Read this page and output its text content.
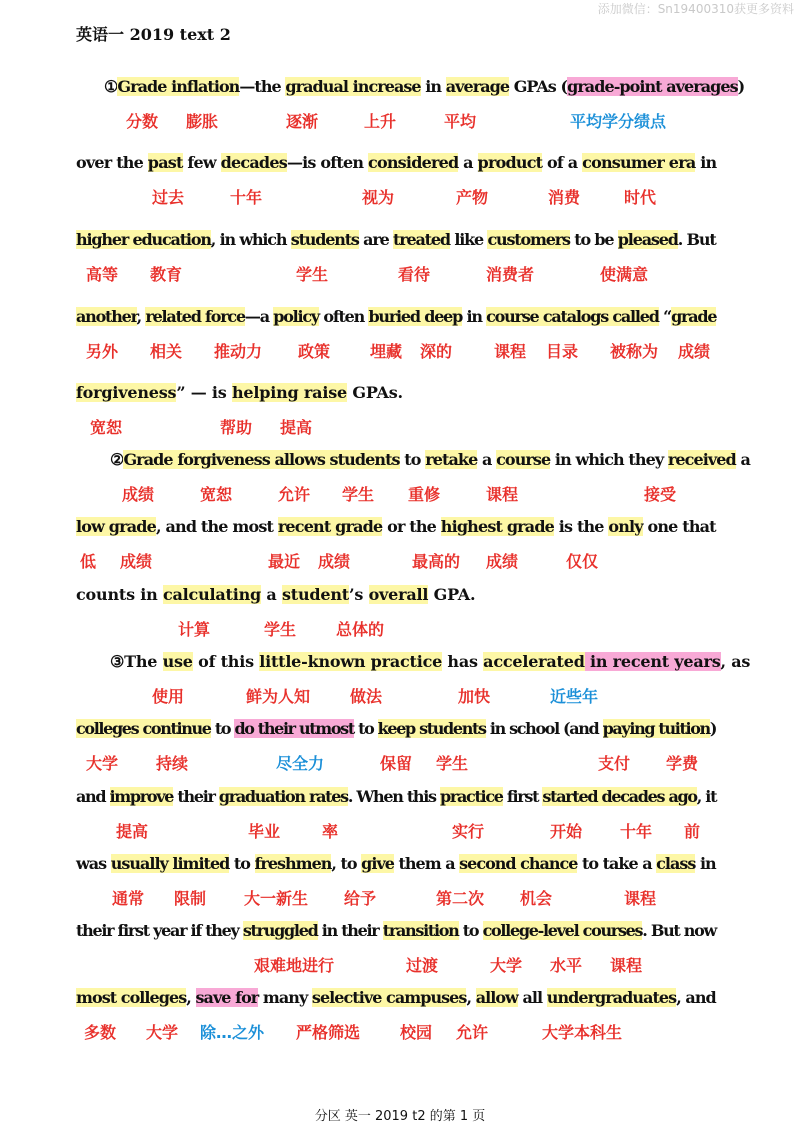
添加微信：Sn19400310获更多资料
英语一 2019 text 2
①Grade inflation—the gradual increase in average GPAs (grade-point averages)
分数 膨胀	逐渐	上升	平均	平均学分绩点
over the past few decades—is often considered a product of a consumer era in
过去	十年	视为	产物	消费	时代
higher education, in which students are treated like customers to be pleased. But
高等 教育	学生	看待	消费者	使满意
another, related force—a policy often buried deep in course catalogs called “grade
另外 相关 推动力 政策 埋藏 深的	课程 目录 被称为 成绩
forgiveness” — is helping raise GPAs.
宽恕	帮助 提高
②Grade forgiveness allows students to retake a course in which they received a
成绩	宽恕	允许 学生 重修	课程	接受
low grade, and the most recent grade or the highest grade is the only one that
低 成绩	最近 成绩	最高的 成绩	仅仅
counts in calculating a student’s overall GPA.
计算	学生 总体的
③The use of this little-known practice has accelerated in recent years, as
使用	鲜为人知 做法	加快	近些年
colleges continue to do their utmost to keep students in school (and paying tuition)
大学 持续	尽全力	保留 学生	支付 学费
and improve their graduation rates. When this practice first started decades ago, it
提高	毕业	率	实行	开始 十年 前
was usually limited to freshmen, to give them a second chance to take a class in
通常 限制 大一新生 给予	第二次 机会	课程
their first year if they struggled in their transition to college-level courses. But now
艰难地进行	过渡	大学 水平 课程
most colleges, save for many selective campuses, allow all undergraduates, and
多数 大学 除…之外 严格筛选 校园 允许	大学本科生
分区 英一 2019 t2 的第 1 页
